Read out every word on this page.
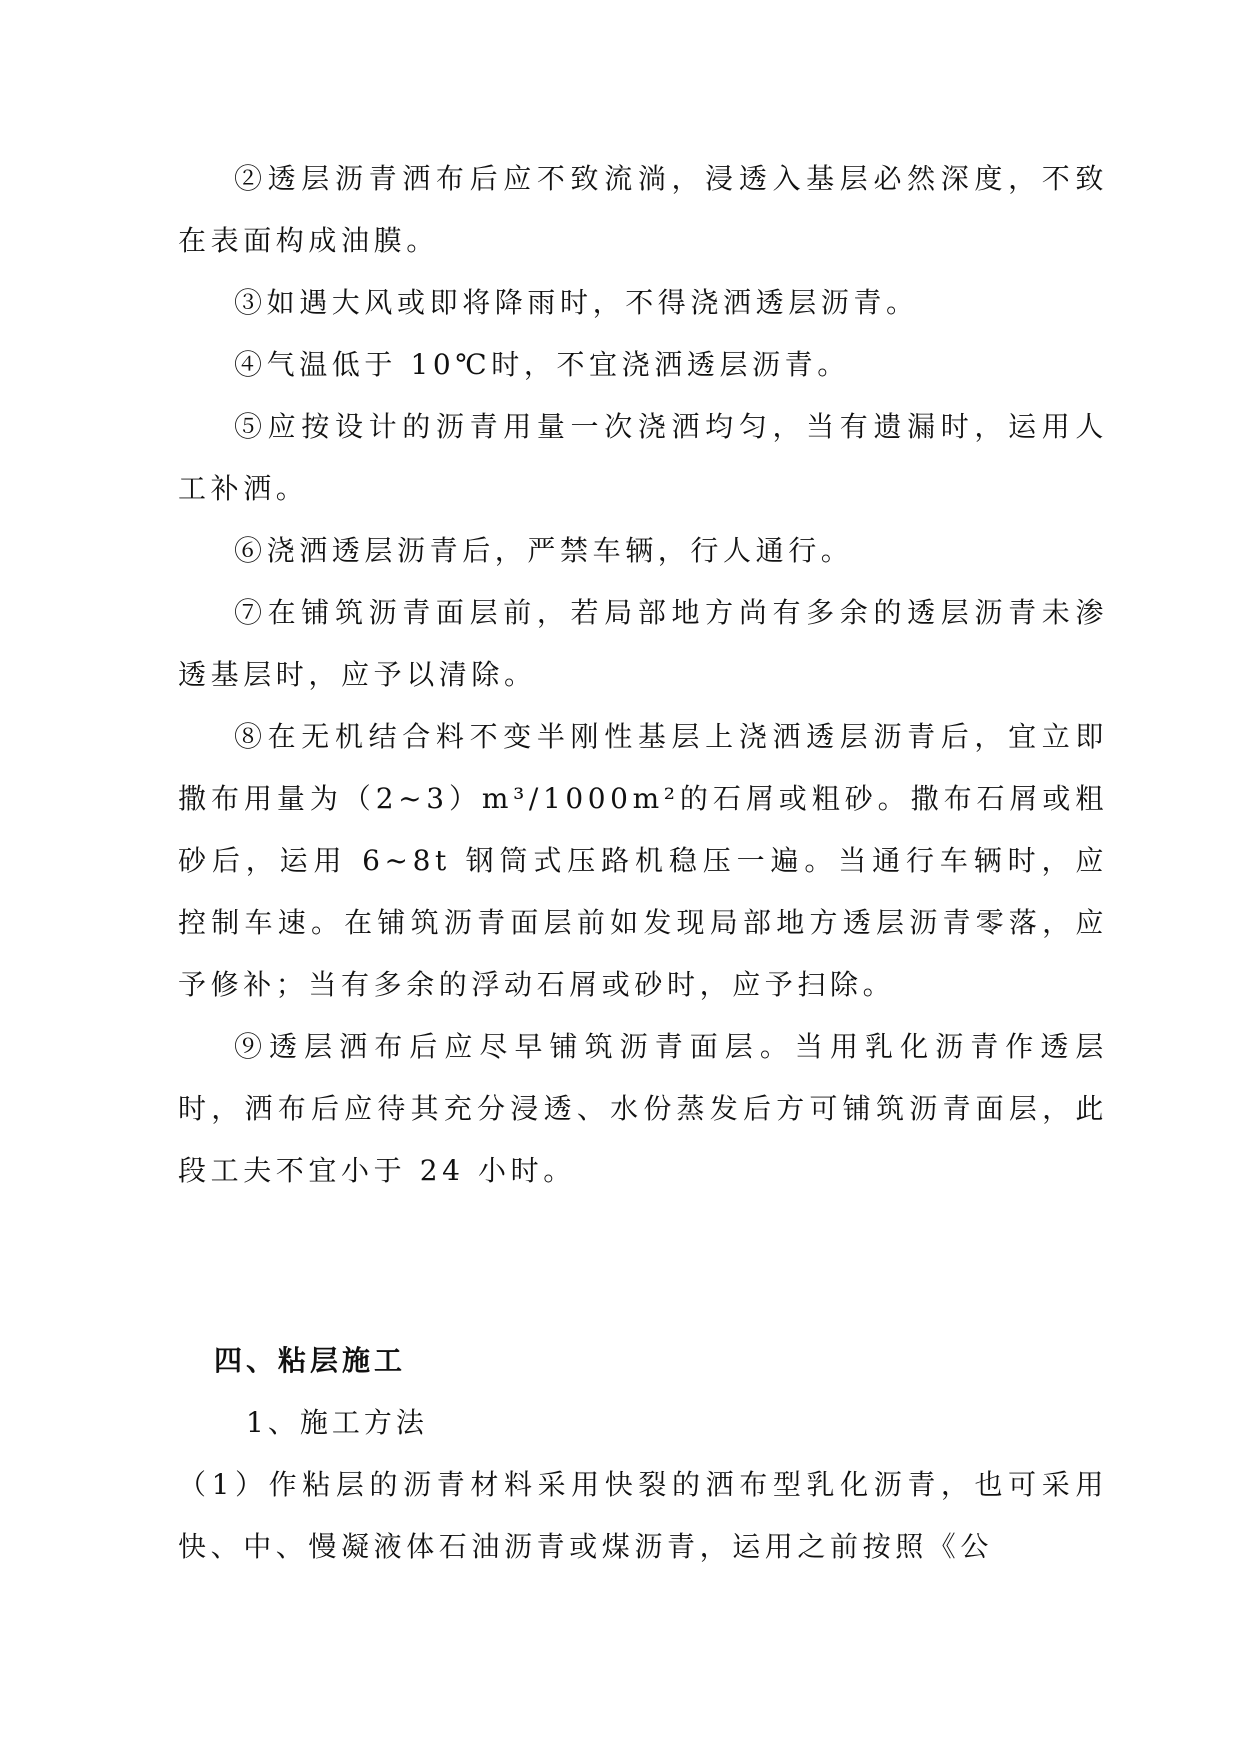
②透层沥青洒布后应不致流淌，浸透入基层必然深度，不致在表面构成油膜。

③如遇大风或即将降雨时，不得浇洒透层沥青。

④气温低于 10℃时，不宜浇洒透层沥青。

⑤应按设计的沥青用量一次浇洒均匀，当有遗漏时，运用人工补洒。

⑥浇洒透层沥青后，严禁车辆，行人通行。

⑦在铺筑沥青面层前，若局部地方尚有多余的透层沥青未渗透基层时，应予以清除。

⑧在无机结合料不变半刚性基层上浇洒透层沥青后，宜立即撒布用量为（2~3）m³/1000m²的石屑或粗砂。撒布石屑或粗砂后，运用 6~8t 钢筒式压路机稳压一遍。当通行车辆时，应控制车速。在铺筑沥青面层前如发现局部地方透层沥青零落，应予修补；当有多余的浮动石屑或砂时，应予扫除。

⑨透层洒布后应尽早铺筑沥青面层。当用乳化沥青作透层时，洒布后应待其充分浸透、水份蒸发后方可铺筑沥青面层，此段工夫不宜小于 24 小时。

四、粘层施工

1、施工方法

（1）作粘层的沥青材料采用快裂的洒布型乳化沥青，也可采用快、中、慢凝液体石油沥青或煤沥青，运用之前按照《公
